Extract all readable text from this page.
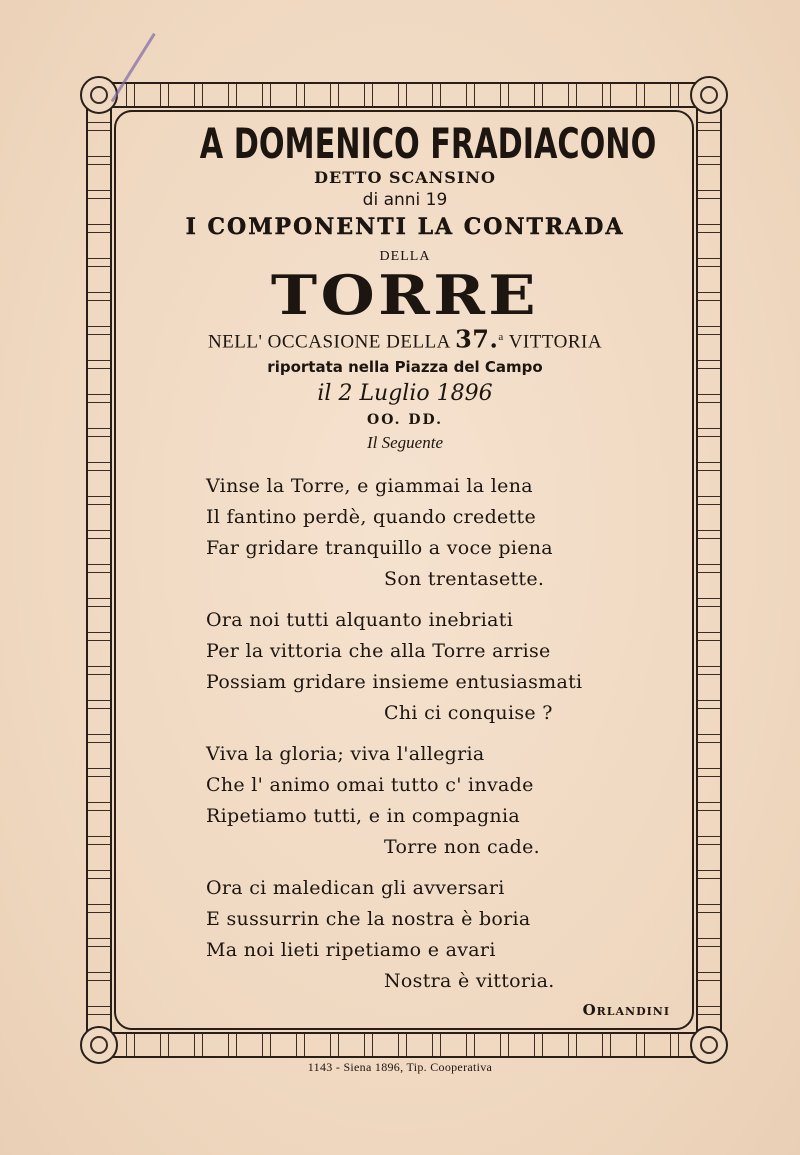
A DOMENICO FRADIACONO
DETTO SCANSINO
di anni 19
I COMPONENTI LA CONTRADA
DELLA
TORRE
NELL' OCCASIONE DELLA 37.$^a$ VITTORIA
riportata nella Piazza del Campo
il 2 Luglio 1896
OO. DD.
Il Seguente
Vinse la Torre, e giammai la lena
Il fantino perdè, quando credette
Far gridare tranquillo a voce piena
Son trentasette.
Ora noi tutti alquanto inebriati
Per la vittoria che alla Torre arrise
Possiam gridare insieme entusiasmati
Chi ci conquise ?
Viva la gloria; viva l'allegria
Che l' animo omai tutto c' invade
Ripetiamo tutti, e in compagnia
Torre non cade.
Ora ci maledican gli avversari
E sussurrin che la nostra è boria
Ma noi lieti ripetiamo e avari
Nostra è vittoria.
Orlandini
1143 - Siena 1896, Tip. Cooperativa
